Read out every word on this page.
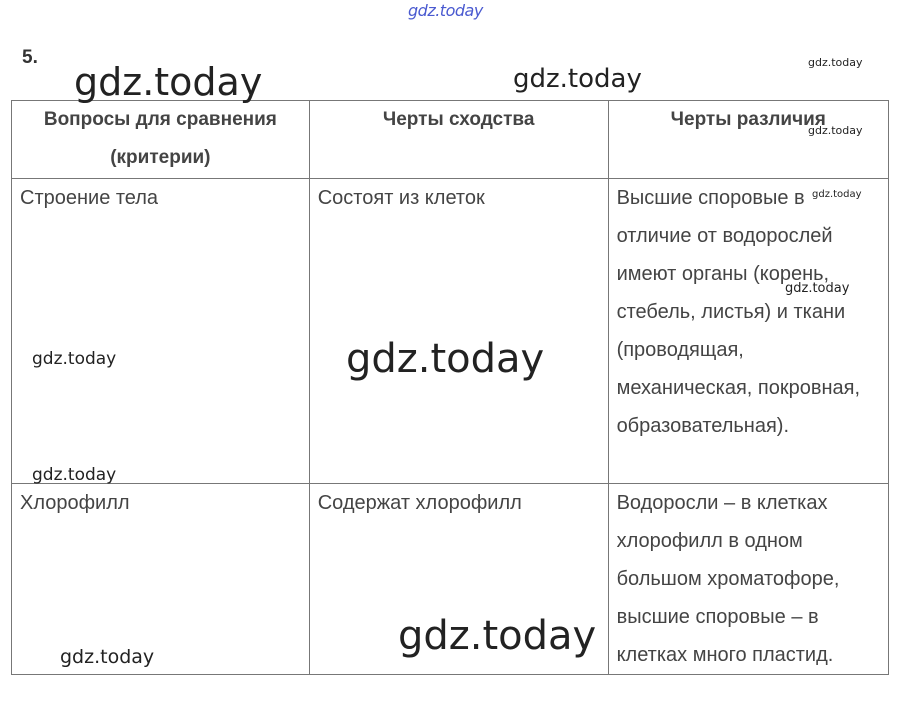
5.
Вопросы для сравнения (критерии)	Черты сходства	Черты различия
Строение тела	Состоят из клеток	Высшие споровые в отличие от водорослей имеют органы (корень, стебель, листья) и ткани (проводящая, механическая, покровная, образовательная).
Хлорофилл	Содержат хлорофилл	Водоросли – в клетках хлорофилл в одном большом хроматофоре, высшие споровые – в клетках много пластид.
gdz.today
gdz.today	gdz.today
gdz.today
gdz.today
gdz.today
gdz.today
gdz.today	gdz.today
gdz.today
gdz.today
gdz.today
